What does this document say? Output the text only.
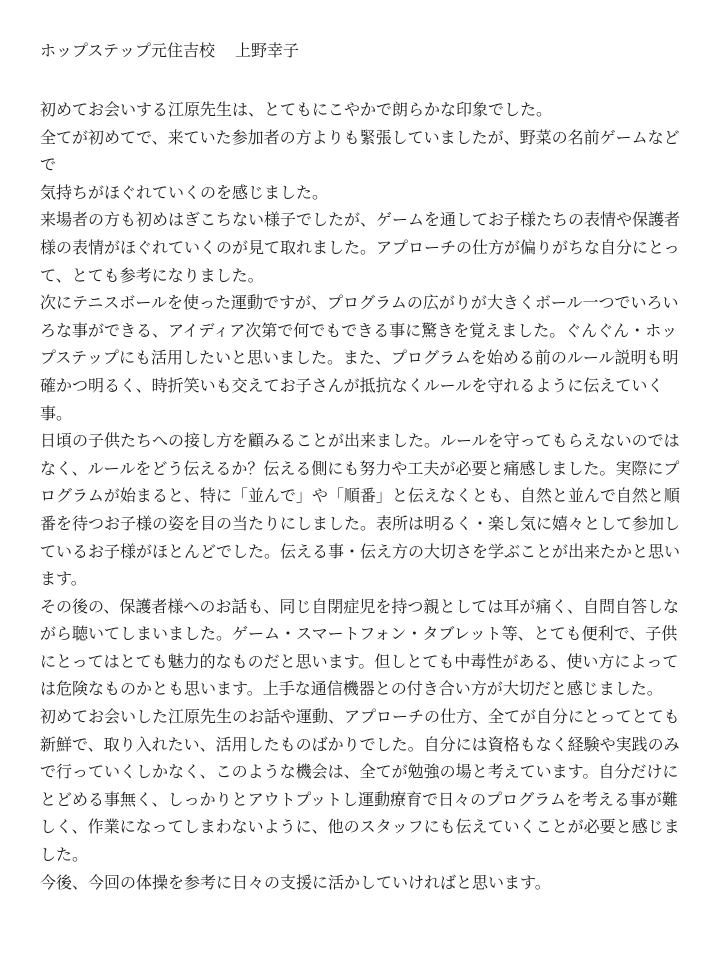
ホップステップ元住吉校 上野幸子
初めてお会いする江原先生は、とてもにこやかで朗らかな印象でした。
全てが初めてで、来ていた参加者の方よりも緊張していましたが、野菜の名前ゲームなど
で
気持ちがほぐれていくのを感じました。
来場者の方も初めはぎこちない様子でしたが、ゲームを通してお子様たちの表情や保護者
様の表情がほぐれていくのが見て取れました。アプローチの仕方が偏りがちな自分にとっ
て、とても参考になりました。
次にテニスボールを使った運動ですが、プログラムの広がりが大きくボール一つでいろい
ろな事ができる、アイディア次第で何でもできる事に驚きを覚えました。ぐんぐん・ホッ
プステップにも活用したいと思いました。また、プログラムを始める前のルール説明も明
確かつ明るく、時折笑いも交えてお子さんが抵抗なくルールを守れるように伝えていく
事。
日頃の子供たちへの接し方を顧みることが出来ました。ルールを守ってもらえないのでは
なく、ルールをどう伝えるか？伝える側にも努力や工夫が必要と痛感しました。実際にプ
ログラムが始まると、特に「並んで」や「順番」と伝えなくとも、自然と並んで自然と順
番を待つお子様の姿を目の当たりにしました。表所は明るく・楽し気に嬉々として参加し
ているお子様がほとんどでした。伝える事・伝え方の大切さを学ぶことが出来たかと思い
ます。
その後の、保護者様へのお話も、同じ自閉症児を持つ親としては耳が痛く、自問自答しな
がら聴いてしまいました。ゲーム・スマートフォン・タブレット等、とても便利で、子供
にとってはとても魅力的なものだと思います。但しとても中毒性がある、使い方によって
は危険なものかとも思います。上手な通信機器との付き合い方が大切だと感じました。
初めてお会いした江原先生のお話や運動、アプローチの仕方、全てが自分にとってとても
新鮮で、取り入れたい、活用したものばかりでした。自分には資格もなく経験や実践のみ
で行っていくしかなく、このような機会は、全てが勉強の場と考えています。自分だけに
とどめる事無く、しっかりとアウトプットし運動療育で日々のプログラムを考える事が難
しく、作業になってしまわないように、他のスタッフにも伝えていくことが必要と感じま
した。
今後、今回の体操を参考に日々の支援に活かしていければと思います。
